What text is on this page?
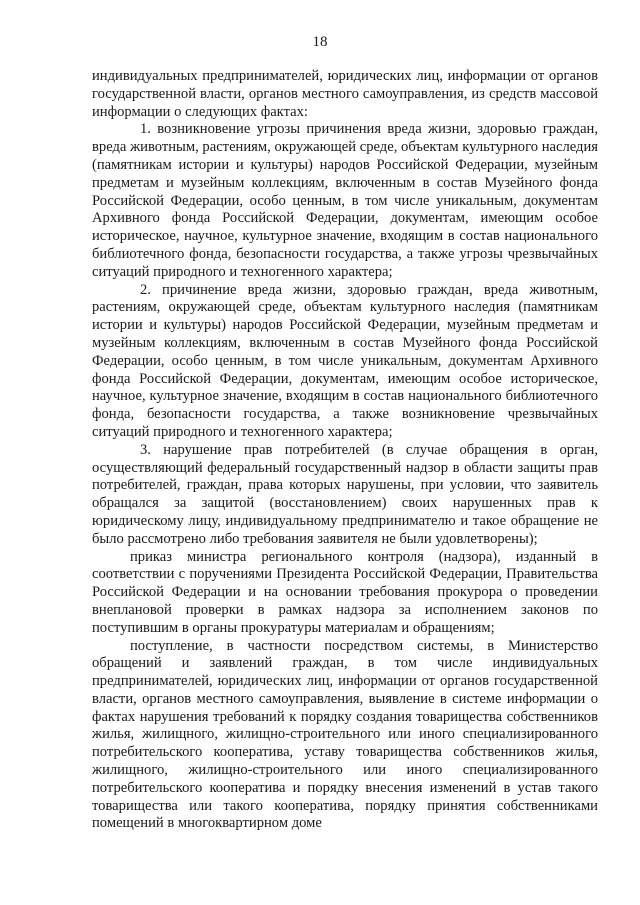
18

индивидуальных предпринимателей, юридических лиц, информации от органов государственной власти, органов местного самоуправления, из средств массовой информации о следующих фактах:

1. возникновение угрозы причинения вреда жизни, здоровью граждан, вреда животным, растениям, окружающей среде, объектам культурного наследия (памятникам истории и культуры) народов Российской Федерации, музейным предметам и музейным коллекциям, включенным в состав Музейного фонда Российской Федерации, особо ценным, в том числе уникальным, документам Архивного фонда Российской Федерации, документам, имеющим особое историческое, научное, культурное значение, входящим в состав национального библиотечного фонда, безопасности государства, а также угрозы чрезвычайных ситуаций природного и техногенного характера;

2. причинение вреда жизни, здоровью граждан, вреда животным, растениям, окружающей среде, объектам культурного наследия (памятникам истории и культуры) народов Российской Федерации, музейным предметам и музейным коллекциям, включенным в состав Музейного фонда Российской Федерации, особо ценным, в том числе уникальным, документам Архивного фонда Российской Федерации, документам, имеющим особое историческое, научное, культурное значение, входящим в состав национального библиотечного фонда, безопасности государства, а также возникновение чрезвычайных ситуаций природного и техногенного характера;

3. нарушение прав потребителей (в случае обращения в орган, осуществляющий федеральный государственный надзор в области защиты прав потребителей, граждан, права которых нарушены, при условии, что заявитель обращался за защитой (восстановлением) своих нарушенных прав к юридическому лицу, индивидуальному предпринимателю и такое обращение не было рассмотрено либо требования заявителя не были удовлетворены);

приказ министра регионального контроля (надзора), изданный в соответствии с поручениями Президента Российской Федерации, Правительства Российской Федерации и на основании требования прокурора о проведении внеплановой проверки в рамках надзора за исполнением законов по поступившим в органы прокуратуры материалам и обращениям;

поступление, в частности посредством системы, в Министерство обращений и заявлений граждан, в том числе индивидуальных предпринимателей, юридических лиц, информации от органов государственной власти, органов местного самоуправления, выявление в системе информации о фактах нарушения требований к порядку создания товарищества собственников жилья, жилищного, жилищно-строительного или иного специализированного потребительского кооператива, уставу товарищества собственников жилья, жилищного, жилищно-строительного или иного специализированного потребительского кооператива и порядку внесения изменений в устав такого товарищества или такого кооператива, порядку принятия собственниками помещений в многоквартирном доме
